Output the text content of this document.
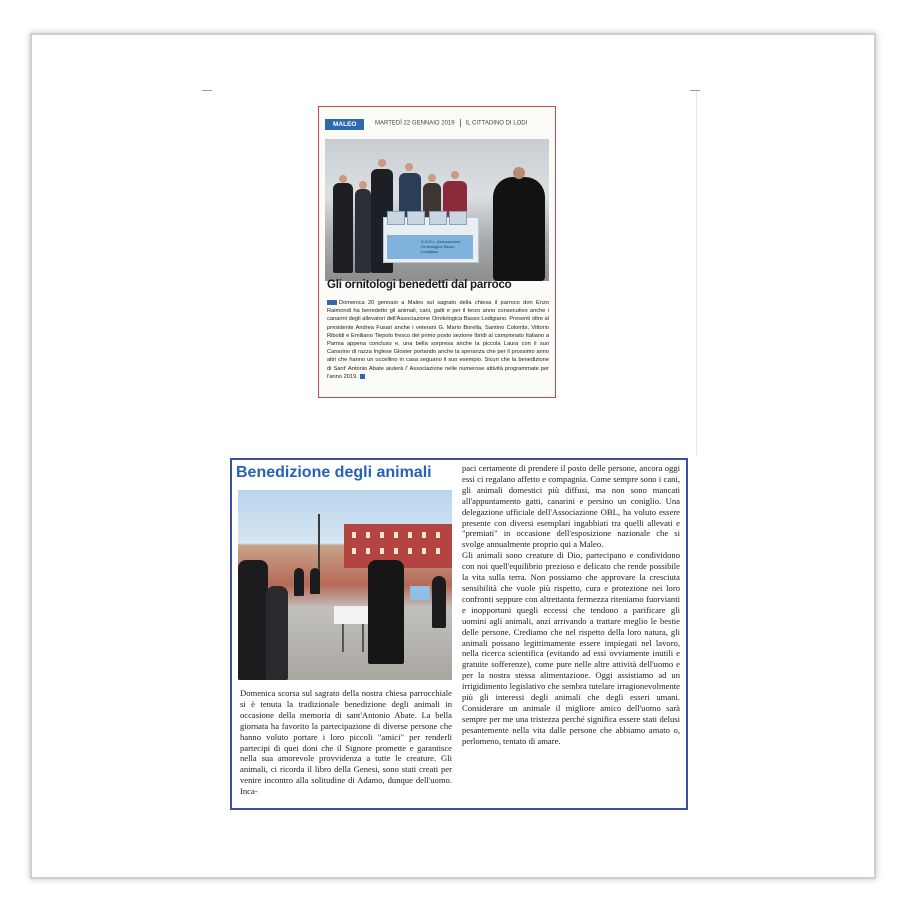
MALEO	MARTEDÌ 22 GENNAIO 2019 IL CITTADINO DI LODI
A.O.B.L. Associazione Ornitologica Basso Lodigiano
Gli ornitologi benedetti dal parroco
Domenica 20 gennaio a Maleo sul sagrato della chiesa il parroco don Enzo Raimondi ha benedetto gli animali, cani, gatti e per il terzo anno consecutivo anche i canarini degli allevatori dell'Associazione Ornitologica Basso Lodigiano. Presenti oltre al presidente Andrea Fusari anche i veterani G. Mario Borella, Santino Colombi, Vittorio Riboldi e Emiliano Tiepolo fresco del primo posto sezione Ibridi al campionato Italiano a Parma appena concluso e, una bella sorpresa anche la piccola Laura con il suo Canarino di razza Inglese Gloster portando anche la speranza che per il prossimo anno altri che hanno un uccellino in casa seguano il suo esempio. Sicuri che la benedizione di Sant' Antonio Abate aiuterà l' Associazione nelle numerose attività programmate per l'anno 2019.
Benedizione degli animali
Domenica scorsa sul sagrato della nostra chiesa parrocchiale si è tenuta la tradizionale benedizione degli animali in occasione della memoria di sant'Antonio Abate. La bella giornata ha favorito la partecipazione di diverse persone che hanno voluto portare i loro piccoli "amici" per renderli partecipi di quei doni che il Signore promette e garantisce nella sua amorevole provvidenza a tutte le creature. Gli animali, ci ricorda il libro della Genesi, sono stati creati per venire incontro alla solitudine di Adamo, dunque dell'uomo. Inca-
paci certamente di prendere il posto delle persone, ancora oggi essi ci regalano affetto e compagnia. Come sempre sono i cani, gli animali domestici più diffusi, ma non sono mancati all'appuntamento gatti, canarini e persino un coniglio. Una delegazione ufficiale dell'Associazione OBL, ha voluto essere presente con diversi esemplari ingabbiati tra quelli allevati e "premiati" in occasione dell'esposizione nazionale che si svolge annualmente proprio qui a Maleo.
Gli animali sono creature di Dio, partecipano e condividono con noi quell'equilibrio prezioso e delicato che rende possibile la vita sulla terra. Non possiamo che approvare la cresciuta sensibilità che vuole più rispetto, cura e protezione nei loro confronti seppure con altrettanta fermezza riteniamo fuorvianti e inopportuni quegli eccessi che tendono a parificare gli uomini agli animali, anzi arrivando a trattare meglio le bestie delle persone. Crediamo che nel rispetto della loro natura, gli animali possano legittimamente essere impiegati nel lavoro, nella ricerca scientifica (evitando ad essi ovviamente inutili e gratuite sofferenze), come pure nelle altre attività dell'uomo e per la nostra stessa alimentazione. Oggi assistiamo ad un irrigidimento legislativo che sembra tutelare irragionevolmente più gli interessi degli animali che degli esseri umani. Considerare un animale il migliore amico dell'uomo sarà sempre per me una tristezza perché significa essere stati delusi pesantemente nella vita dalle persone che abbiamo amato o, perlomeno, tentato di amare.
